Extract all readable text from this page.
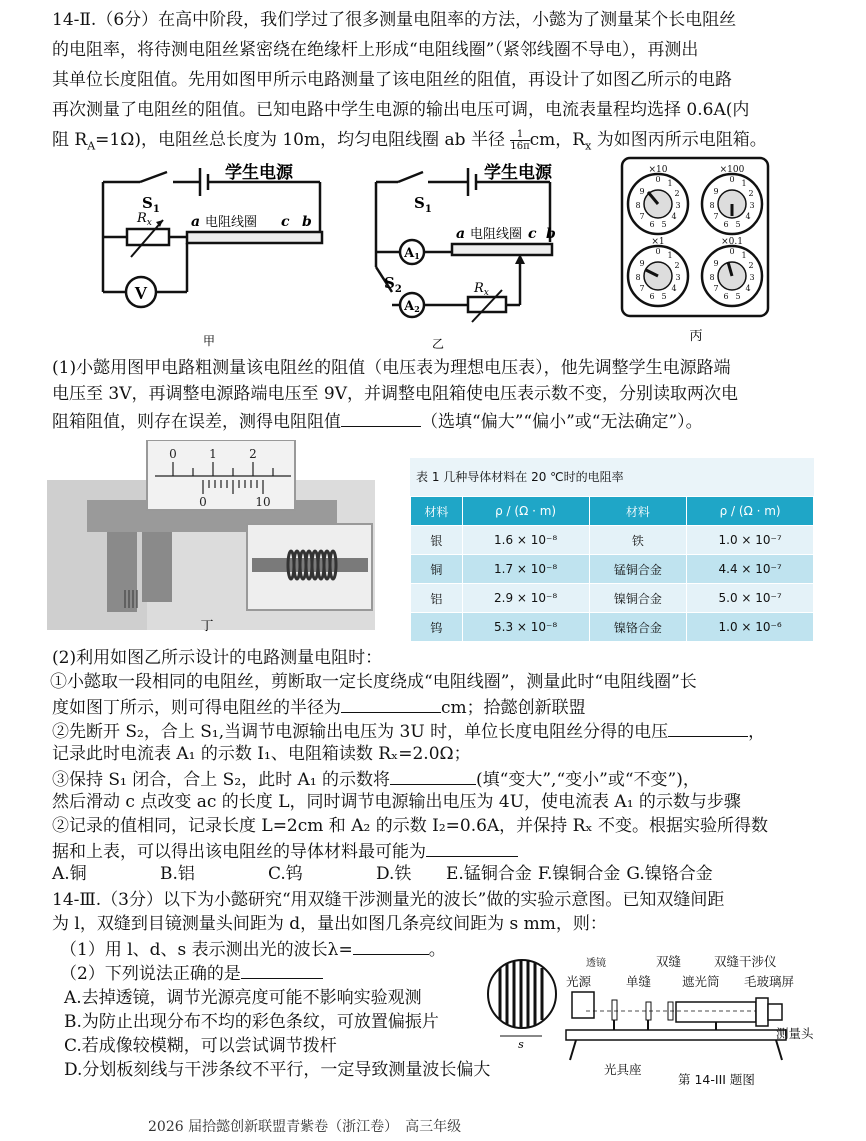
14-Ⅱ.（6分）在高中阶段，我们学过了很多测量电阻率的方法，小懿为了测量某个长电阻丝
的电阻率，将待测电阻丝紧密绕在绝缘杆上形成“电阻线圈”（紧邻线圈不导电），再测出
其单位长度阻值。先用如图甲所示电路测量了该电阻丝的阻值，再设计了如图乙所示的电路
再次测量了电阻丝的阻值。已知电路中学生电源的输出电压可调，电流表量程均选择 0.6A(内
阻 $R_A=1\Omega$)，电阻丝总长度为 10m，均匀电阻线圈 ab 半径 $\frac{1}{16\pi}$ cm，$R_x$ 为如图丙所示电阻箱。
V
学生电源
$S_1$
$R_x$	a 电阻线圈 c b
甲
A1
A2
学生电源
$S_1$
$S_2$
a 电阻线圈 c b
$R_x$
乙
×10	×100
×1	×0.1
0 1
2
3
4
5
6
7
8
9
0 1
2
3
4
5
6
7
8
9
0 1
2
3
4
5
6
7
8
9
0 1
2
3
4
5
6
7
8
9
丙
(1)小懿用图甲电路粗测量该电阻丝的阻值（电压表为理想电压表），他先调整学生电源路端
电压至 3V，再调整电源路端电压至 9V，并调整电阻箱使电压表示数不变，分别读取两次电
阻箱阻值，则存在误差，测得电阻阻值	（选填“偏大”“偏小”或“无法确定”）。
0	1	2
0	10
丁
表 1 几种导体材料在 20 ℃时的电阻率
材料	ρ / (Ω · m)	材料	ρ / (Ω · m)
银	1.6 × 10⁻⁸	铁	1.0 × 10⁻⁷
铜	1.7 × 10⁻⁸	锰铜合金	4.4 × 10⁻⁷
铝	2.9 × 10⁻⁸	镍铜合金	5.0 × 10⁻⁷
钨	5.3 × 10⁻⁸	镍铬合金	1.0 × 10⁻⁶
(2)利用如图乙所示设计的电路测量电阻时：
①小懿取一段相同的电阻丝，剪断取一定长度绕成“电阻线圈”，测量此时“电阻线圈”长
度如图丁所示，则可得电阻丝的半径为	cm；拾懿创新联盟
②先断开 S₂，合上 S₁,当调节电源输出电压为 3U 时，单位长度电阻丝分得的电压	，
记录此时电流表 A₁ 的示数 I₁、电阻箱读数 Rₓ=2.0Ω；
③保持 S₁ 闭合，合上 S₂，此时 A₁ 的示数将	(填“变大”,“变小”或“不变”)，
然后滑动 c 点改变 ac 的长度 L，同时调节电源输出电压为 4U，使电流表 A₁ 的示数与步骤
②记录的值相同，记录长度 L=2cm 和 A₂ 的示数 I₂=0.6A，并保持 Rₓ 不变。根据实验所得数
据和上表，可以得出该电阻丝的导体材料最可能为
A.铜	B.铝	C.钨	D.铁 E.锰铜合金 F.镍铜合金 G.镍铬合金
14-Ⅲ.（3分）以下为小懿研究“用双缝干涉测量光的波长”做的实验示意图。已知双缝间距
为 l，双缝到目镜测量头间距为 d，量出如图几条亮纹间距为 s mm，则：
（1）用 l、d、s 表示测出光的波长λ=	。
（2）下列说法正确的是
A.去掉透镜，调节光源亮度可能不影响实验观测
B.为防止出现分布不均的彩色条纹，可放置偏振片
C.若成像较模糊，可以尝试调节拨杆
D.分划板刻线与干涉条纹不平行，一定导致测量波长偏大
s
透镜
光源	单缝
双缝
遮光筒
双缝干涉仪
毛玻璃屏
测量头
光具座
第 14-III 题图
2026 届拾懿创新联盟青紫卷（浙江卷）　高三年级
